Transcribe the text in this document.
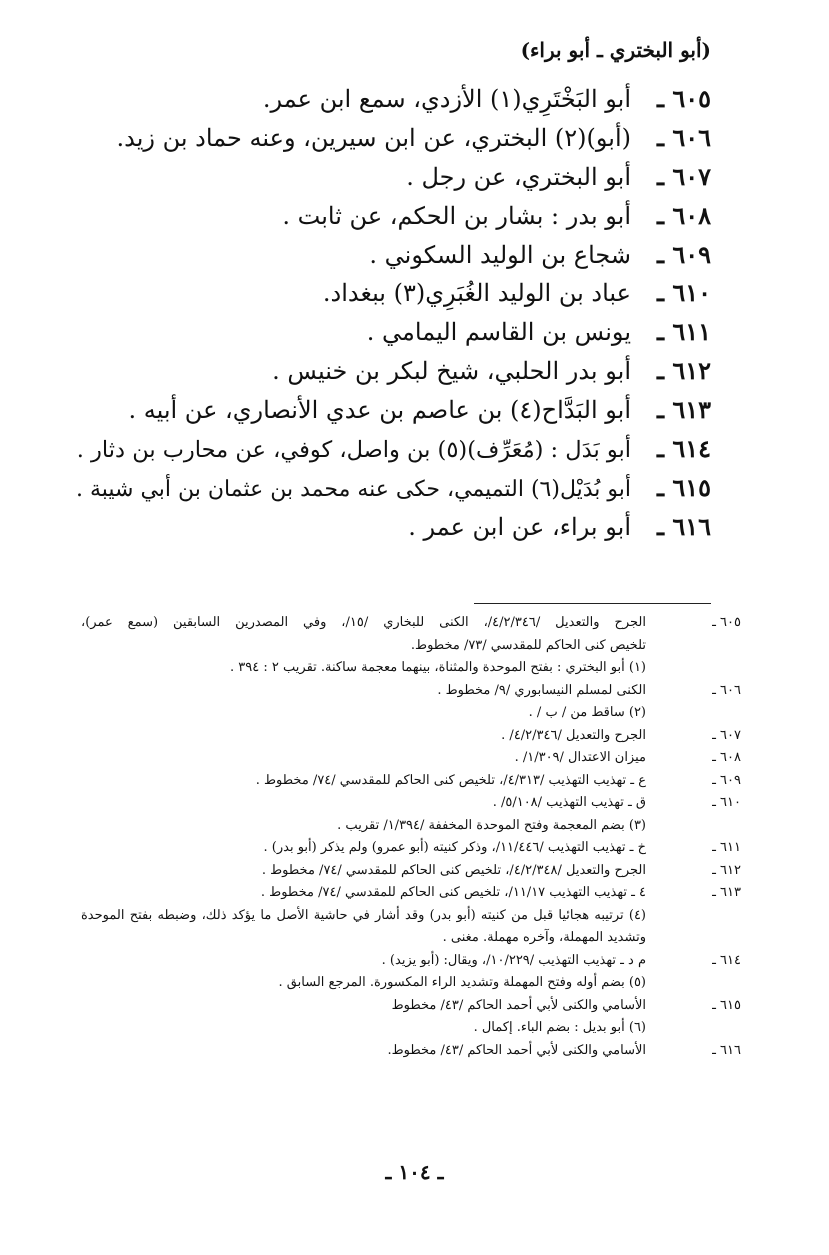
(أبو البختري ـ أبو براء)
٦٠٥ ـ
أبو البَخْتَرِي(١) الأزدي، سمع ابن عمر.
٦٠٦ ـ
(أبو)(٢) البختري، عن ابن سيرين، وعنه حماد بن زيد.
٦٠٧ ـ
أبو البختري، عن رجل .
٦٠٨ ـ
أبو بدر : بشار بن الحكم، عن ثابت .
٦٠٩ ـ
شجاع بن الوليد السكوني .
٦١٠ ـ
عباد بن الوليد الغُبَرِي(٣) ببغداد.
٦١١ ـ
يونس بن القاسم اليمامي .
٦١٢ ـ
أبو بدر الحلبي، شيخ لبكر بن خنيس .
٦١٣ ـ
أبو البَدَّاح(٤) بن عاصم بن عدي الأنصاري، عن أبيه .
٦١٤ ـ
أبو بَدَل : (مُعَرِّف)(٥) بن واصل، كوفي، عن محارب بن دثار .
٦١٥ ـ
أبو بُدَيْل(٦) التميمي، حكى عنه محمد بن عثمان بن أبي شيبة .
٦١٦ ـ
أبو براء، عن ابن عمر .
٦٠٥ ـ
الجرح والتعديل /٤/٢/٣٤٦/، الكنى للبخاري /١٥/، وفي المصدرين السابقين (سمع عمر)،
تلخيص كنى الحاكم للمقدسي /٧٣/ مخطوط.
(١) أبو البختري : بفتح الموحدة والمثناة، بينهما معجمة ساكنة. تقريب ٢ : ٣٩٤ .
٦٠٦ ـ
الكنى لمسلم النيسابوري /٩/ مخطوط .
(٢) ساقط من / ب / .
٦٠٧ ـ
الجرح والتعديل /٤/٢/٣٤٦/ .
٦٠٨ ـ
ميزان الاعتدال /١/٣٠٩/ .
٦٠٩ ـ
ع ـ تهذيب التهذيب /٤/٣١٣/، تلخيص كنى الحاكم للمقدسي /٧٤/ مخطوط .
٦١٠ ـ
ق ـ تهذيب التهذيب /٥/١٠٨/ .
(٣) بضم المعجمة وفتح الموحدة المخففة /١/٣٩٤/ تقريب .
٦١١ ـ
خ ـ تهذيب التهذيب /١١/٤٤٦/، وذكر كنيته (أبو عمرو) ولم يذكر (أبو بدر) .
٦١٢ ـ
الجرح والتعديل /٤/٢/٣٤٨/، تلخيص كنى الحاكم للمقدسي /٧٤/ مخطوط .
٦١٣ ـ
٤ ـ تهذيب التهذيب ١١/١٧/، تلخيص كنى الحاكم للمقدسي /٧٤/ مخطوط .
(٤) ترتيبه هجائيا قبل من كنيته (أبو بدر) وقد أشار في حاشية الأصل ما يؤكد ذلك، وضبطه بفتح الموحدة
وتشديد المهملة، وآخره مهملة. مغنى .
٦١٤ ـ
م د ـ تهذيب التهذيب /١٠/٢٢٩/، ويقال: (أبو يزيد) .
(٥) بضم أوله وفتح المهملة وتشديد الراء المكسورة. المرجع السابق .
٦١٥ ـ
الأسامي والكنى لأبي أحمد الحاكم /٤٣/ مخطوط
(٦) أبو بديل : بضم الباء. إكمال .
٦١٦ ـ
الأسامي والكنى لأبي أحمد الحاكم /٤٣/ مخطوط.
ـ ١٠٤ ـ
